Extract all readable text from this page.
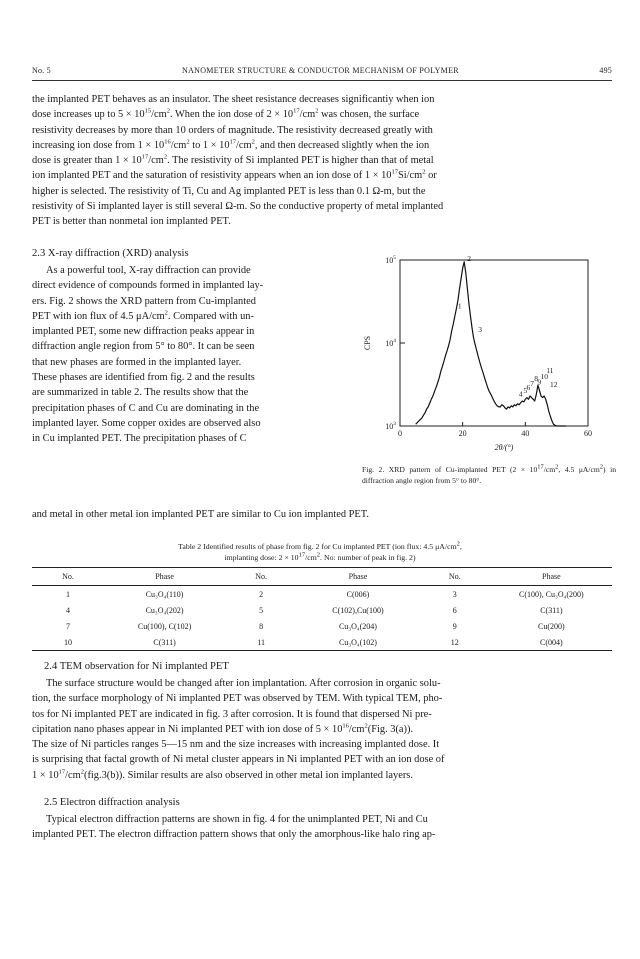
No. 5	NANOMETER STRUCTURE & CONDUCTOR MECHANISM OF POLYMER	495

the implanted PET behaves as an insulator. The sheet resistance decreases significantiy when ion

dose increases up to $5 \times 10^{15}/cm^2$. When the ion dose of $2 \times 10^{17}/cm^2$ was chosen, the surface

resistivity decreases by more than 10 orders of magnitude. The resistivity decreased greatly with

increasing ion dose from $1 \times 10^{16}/cm^2$ to $1 \times 10^{17}/cm^2$, and then decreased slightly when the ion

dose is greater than $1 \times 10^{17}/cm^2$. The resistivity of Si implanted PET is higher than that of metal

ion implanted PET and the saturation of resistivity appears when an ion dose of $1 \times 10^{17}Si/cm^2$ or

higher is selected. The resistivity of Ti, Cu and Ag implanted PET is less than 0.1 Ω-m, but the

resistivity of Si implanted layer is still several Ω-m. So the conductive property of metal implanted

PET is better than nonmetal ion implanted PET.

2.3 X-ray diffraction (XRD) analysis

As a powerful tool, X-ray diffraction can provide

direct evidence of compounds formed in implanted lay-

ers. Fig. 2 shows the XRD pattern from Cu-implanted

PET with ion flux of 4.5 $\mu A/cm^2$. Compared with un-

implanted PET, some new diffraction peaks appear in

diffraction angle region from 5° to 80°. It can be seen

that new phases are formed in the implanted layer.

These phases are identified from fig. 2 and the results

are summarized in table 2. The results show that the

precipitation phases of C and Cu are dominating in the

implanted layer. Some copper oxides are observed also

in Cu implanted PET. The precipitation phases of C

and metal in other metal ion implanted PET are similar to Cu ion implanted PET.
$10^5$
$10^4$
$10^3$
0	20	40	60
CPS
2θ/(°)
2
1
3
4 5 6 7
8 9
10
11
12
Fig. 2. XRD pattern of Cu-implanted PET ($2 \times 10^{17}/cm^2$, 4.5 $\mu A/cm^2$) in diffraction angle region from 5° to 80°.
Table 2 Identified results of phase from fig. 2 for Cu implanted PET (ion flux: 4.5 $\mu A/cm^2$,
implanting dose: $2 \times 10^{17}/cm^2$. No: number of peak in fig. 2)
No.	Phase	No.	Phase	No.	Phase
1	Cu₃O₄(110)	2	C(006)	3	C(100), Cu₃O₄(200)
4	Cu₃O₄(202)	5	C(102),Cu(100)	6	C(311)
7	Cu(100), C(102)	8	Cu₃O₄(204)	9	Cu(200)
10	C(311)	11	Cu₃O₄(102)	12	C(004)
2.4 TEM observation for Ni implanted PET

The surface structure would be changed after ion implantation. After corrosion in organic solu-

tion, the surface morphology of Ni implanted PET was observed by TEM. With typical TEM, pho-

tos for Ni implanted PET are indicated in fig. 3 after corrosion. It is found that dispersed Ni pre-

cipitation nano phases appear in Ni implanted PET with ion dose of $5 \times 10^{16}/cm^2(Fig$. 3(a)).

The size of Ni particles ranges 5—15 nm and the size increases with increasing implanted dose. It

is surprising that factal growth of Ni metal cluster appears in Ni implanted PET with an ion dose of

$1 \times 10^{17}/cm^2(fig.3(b))$. Similar results are also observed in other metal ion implanted layers.

2.5 Electron diffraction analysis

Typical electron diffraction patterns are shown in fig. 4 for the unimplanted PET, Ni and Cu

implanted PET. The electron diffraction pattern shows that only the amorphous-like halo ring ap-
